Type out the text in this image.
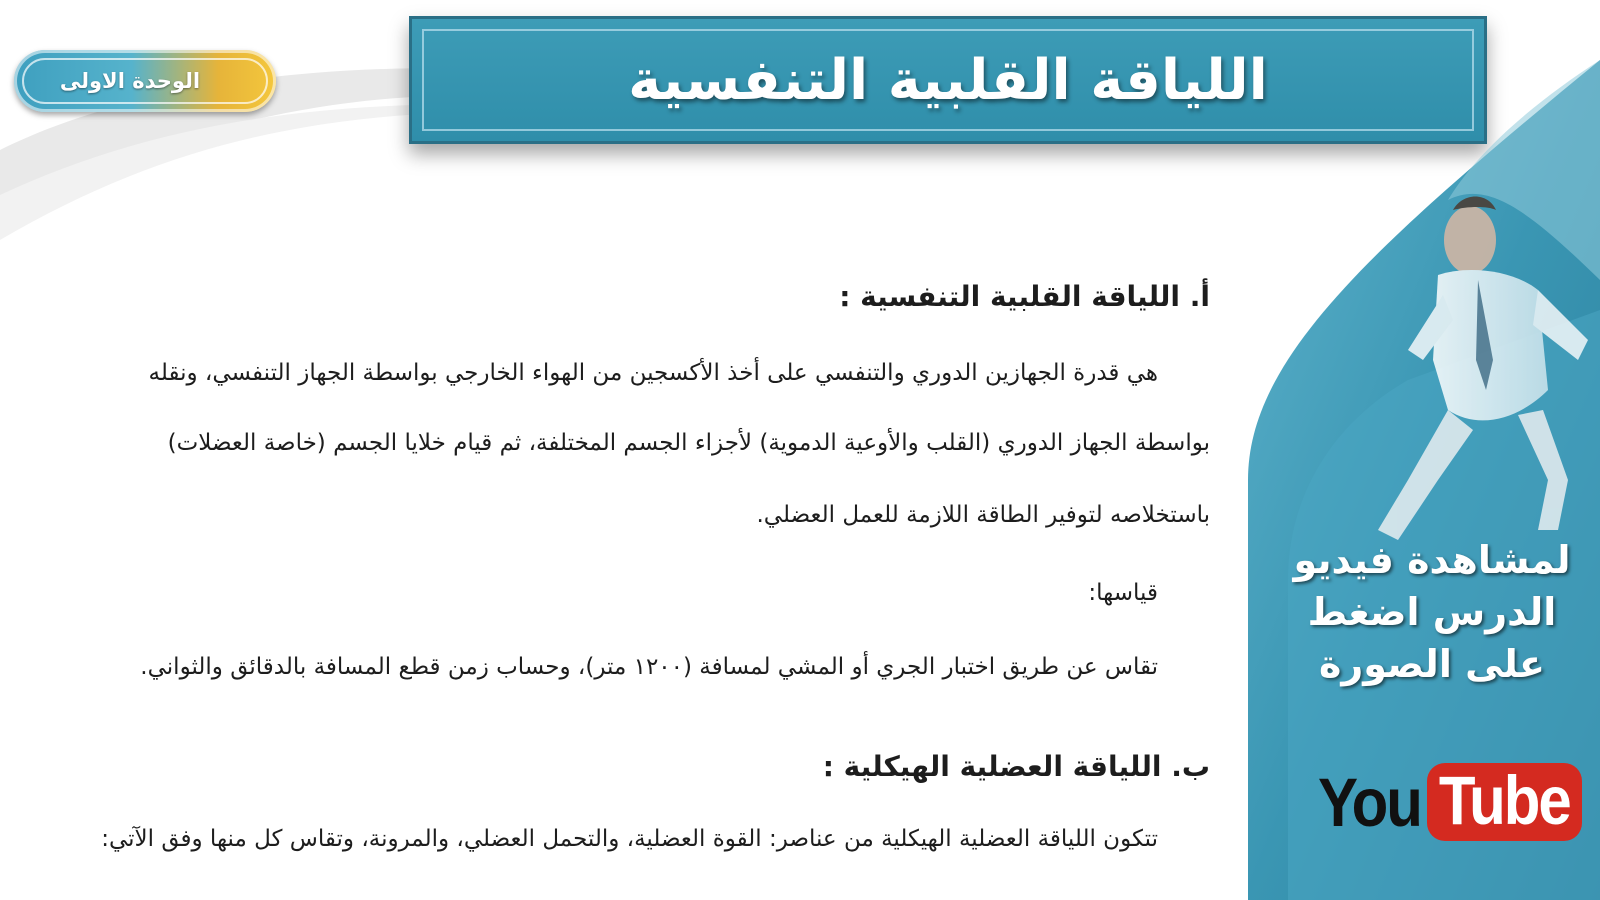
الوحدة الاولى	اللياقة القلبية التنفسية
أ. اللياقة القلبية التنفسية :
هي قدرة الجهازين الدوري والتنفسي على أخذ الأكسجين من الهواء الخارجي بواسطة الجهاز التنفسي، ونقله
بواسطة الجهاز الدوري (القلب والأوعية الدموية) لأجزاء الجسم المختلفة، ثم قيام خلايا الجسم (خاصة العضلات)
باستخلاصه لتوفير الطاقة اللازمة للعمل العضلي.
قياسها:
تقاس عن طريق اختبار الجري أو المشي لمسافة (١٢٠٠ متر)، وحساب زمن قطع المسافة بالدقائق والثواني.
ب. اللياقة العضلية الهيكلية :
تتكون اللياقة العضلية الهيكلية من عناصر: القوة العضلية، والتحمل العضلي، والمرونة، وتقاس كل منها وفق الآتي:
لمشاهدة فيديو
الدرس اضغط
على الصورة
You Tube
